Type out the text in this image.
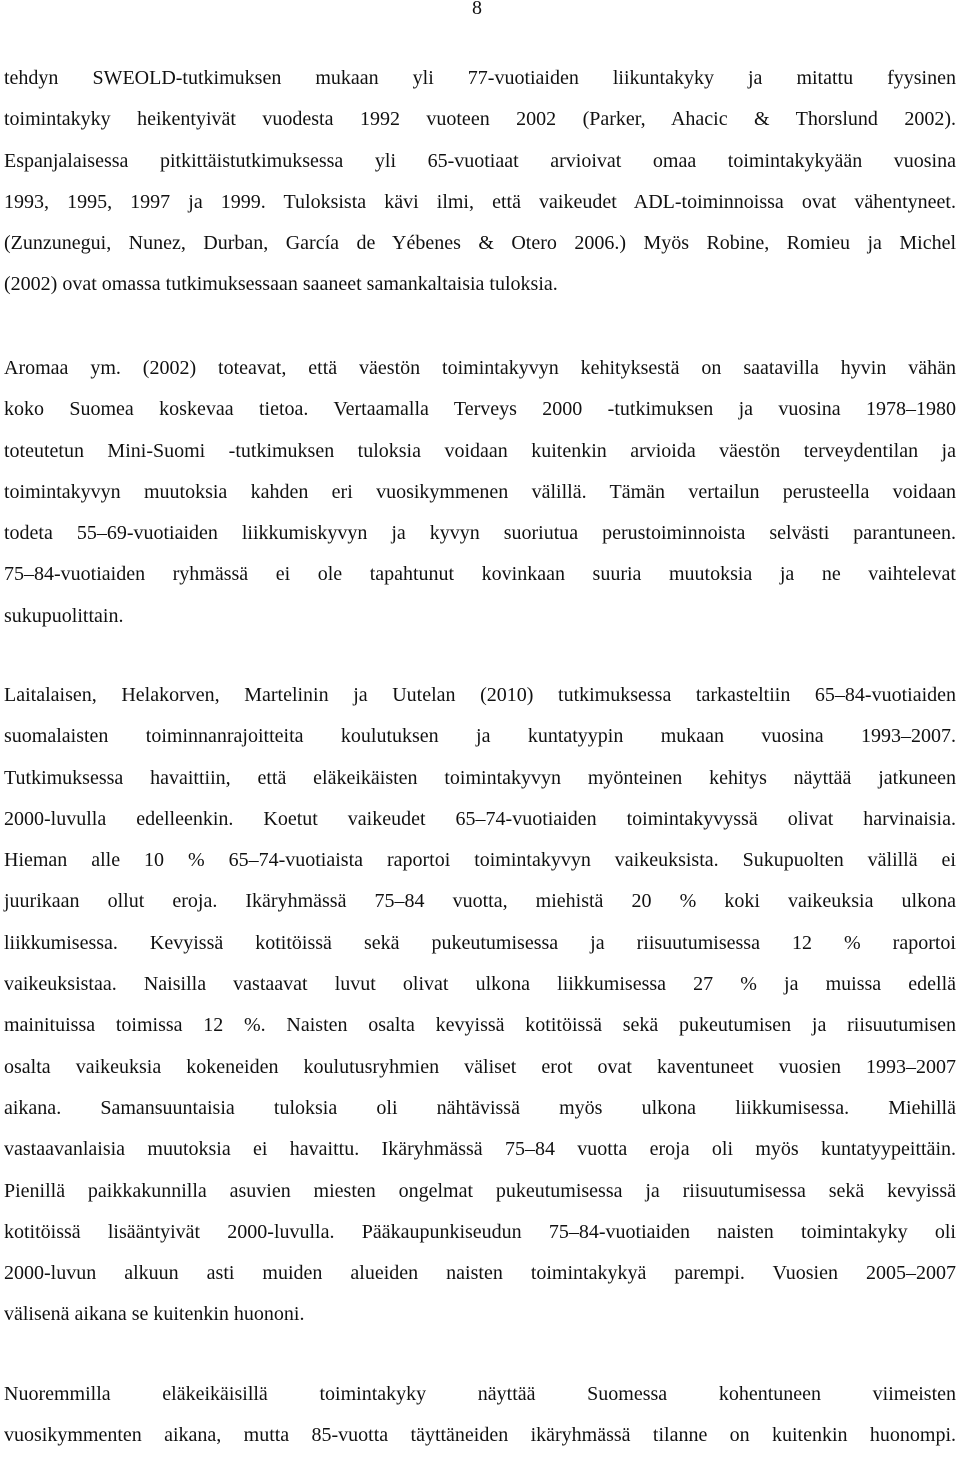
8
tehdyn SWEOLD-tutkimuksen mukaan yli 77-vuotiaiden liikuntakyky ja mitattu fyysinen
toimintakyky heikentyivät vuodesta 1992 vuoteen 2002 (Parker, Ahacic & Thorslund 2002).
Espanjalaisessa pitkittäistutkimuksessa yli 65-vuotiaat arvioivat omaa toimintakykyään vuosina
1993, 1995, 1997 ja 1999. Tuloksista kävi ilmi, että vaikeudet ADL-toiminnoissa ovat vähentyneet.
(Zunzunegui, Nunez, Durban, García de Yébenes & Otero 2006.) Myös Robine, Romieu ja Michel
(2002) ovat omassa tutkimuksessaan saaneet samankaltaisia tuloksia.
Aromaa ym. (2002) toteavat, että väestön toimintakyvyn kehityksestä on saatavilla hyvin vähän
koko Suomea koskevaa tietoa. Vertaamalla Terveys 2000 -tutkimuksen ja vuosina 1978–1980
toteutetun Mini-Suomi -tutkimuksen tuloksia voidaan kuitenkin arvioida väestön terveydentilan ja
toimintakyvyn muutoksia kahden eri vuosikymmenen välillä. Tämän vertailun perusteella voidaan
todeta 55–69-vuotiaiden liikkumiskyvyn ja kyvyn suoriutua perustoiminnoista selvästi parantuneen.
75–84-vuotiaiden ryhmässä ei ole tapahtunut kovinkaan suuria muutoksia ja ne vaihtelevat
sukupuolittain.
Laitalaisen, Helakorven, Martelinin ja Uutelan (2010) tutkimuksessa tarkasteltiin 65–84-vuotiaiden
suomalaisten toiminnanrajoitteita koulutuksen ja kuntatyypin mukaan vuosina 1993–2007.
Tutkimuksessa havaittiin, että eläkeikäisten toimintakyvyn myönteinen kehitys näyttää jatkuneen
2000-luvulla edelleenkin. Koetut vaikeudet 65–74-vuotiaiden toimintakyvyssä olivat harvinaisia.
Hieman alle 10 % 65–74-vuotiaista raportoi toimintakyvyn vaikeuksista. Sukupuolten välillä ei
juurikaan ollut eroja. Ikäryhmässä 75–84 vuotta, miehistä 20 % koki vaikeuksia ulkona
liikkumisessa. Kevyissä kotitöissä sekä pukeutumisessa ja riisuutumisessa 12 % raportoi
vaikeuksistaa. Naisilla vastaavat luvut olivat ulkona liikkumisessa 27 % ja muissa edellä
mainituissa toimissa 12 %. Naisten osalta kevyissä kotitöissä sekä pukeutumisen ja riisuutumisen
osalta vaikeuksia kokeneiden koulutusryhmien väliset erot ovat kaventuneet vuosien 1993–2007
aikana. Samansuuntaisia tuloksia oli nähtävissä myös ulkona liikkumisessa. Miehillä
vastaavanlaisia muutoksia ei havaittu. Ikäryhmässä 75–84 vuotta eroja oli myös kuntatyypeittäin.
Pienillä paikkakunnilla asuvien miesten ongelmat pukeutumisessa ja riisuutumisessa sekä kevyissä
kotitöissä lisääntyivät 2000-luvulla. Pääkaupunkiseudun 75–84-vuotiaiden naisten toimintakyky oli
2000-luvun alkuun asti muiden alueiden naisten toimintakykyä parempi. Vuosien 2005–2007
välisenä aikana se kuitenkin huononi.
Nuoremmilla eläkeikäisillä toimintakyky näyttää Suomessa kohentuneen viimeisten
vuosikymmenten aikana, mutta 85-vuotta täyttäneiden ikäryhmässä tilanne on kuitenkin huonompi.
